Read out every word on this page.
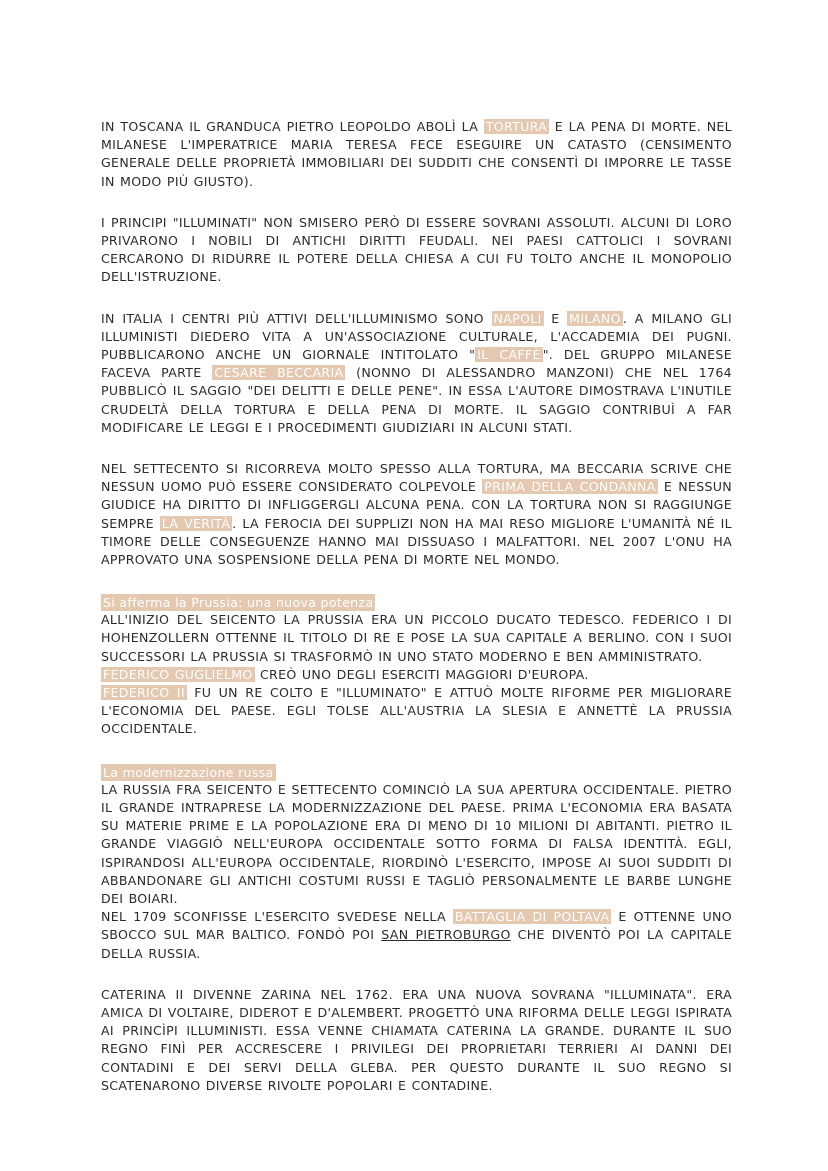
IN TOSCANA IL GRANDUCA PIETRO LEOPOLDO ABOLÌ LA TORTURA E LA PENA DI MORTE. NEL MILANESE L'IMPERATRICE MARIA TERESA FECE ESEGUIRE UN CATASTO (CENSIMENTO GENERALE DELLE PROPRIETÀ IMMOBILIARI DEI SUDDITI CHE CONSENTÌ DI IMPORRE LE TASSE IN MODO PIÙ GIUSTO).

I PRINCIPI "ILLUMINATI" NON SMISERO PERÒ DI ESSERE SOVRANI ASSOLUTI. ALCUNI DI LORO PRIVARONO I NOBILI DI ANTICHI DIRITTI FEUDALI. NEI PAESI CATTOLICI I SOVRANI CERCARONO DI RIDURRE IL POTERE DELLA CHIESA A CUI FU TOLTO ANCHE IL MONOPOLIO DELL'ISTRUZIONE.

IN ITALIA I CENTRI PIÙ ATTIVI DELL'ILLUMINISMO SONO NAPOLI E MILANO . A MILANO GLI ILLUMINISTI DIEDERO VITA A UN'ASSOCIAZIONE CULTURALE, L'ACCADEMIA DEI PUGNI. PUBBLICARONO ANCHE UN GIORNALE INTITOLATO " IL CAFFÈ ". DEL GRUPPO MILANESE FACEVA PARTE CESARE BECCARIA (NONNO DI ALESSANDRO MANZONI) CHE NEL 1764 PUBBLICÒ IL SAGGIO "DEI DELITTI E DELLE PENE". IN ESSA L'AUTORE DIMOSTRAVA L'INUTILE CRUDELTÀ DELLA TORTURA E DELLA PENA DI MORTE. IL SAGGIO CONTRIBUÌ A FAR MODIFICARE LE LEGGI E I PROCEDIMENTI GIUDIZIARI IN ALCUNI STATI.

NEL SETTECENTO SI RICORREVA MOLTO SPESSO ALLA TORTURA, MA BECCARIA SCRIVE CHE NESSUN UOMO PUÒ ESSERE CONSIDERATO COLPEVOLE PRIMA DELLA CONDANNA E NESSUN GIUDICE HA DIRITTO DI INFLIGGERGLI ALCUNA PENA. CON LA TORTURA NON SI RAGGIUNGE SEMPRE LA VERITÀ . LA FEROCIA DEI SUPPLIZI NON HA MAI RESO MIGLIORE L'UMANITÀ NÉ IL TIMORE DELLE CONSEGUENZE HANNO MAI DISSUASO I MALFATTORI. NEL 2007 L'ONU HA APPROVATO UNA SOSPENSIONE DELLA PENA DI MORTE NEL MONDO.

Si afferma la Prussia: una nuova potenza

ALL'INIZIO DEL SEICENTO LA PRUSSIA ERA UN PICCOLO DUCATO TEDESCO. FEDERICO I DI HOHENZOLLERN OTTENNE IL TITOLO DI RE E POSE LA SUA CAPITALE A BERLINO. CON I SUOI SUCCESSORI LA PRUSSIA SI TRASFORMÒ IN UNO STATO MODERNO E BEN AMMINISTRATO.
FEDERICO GUGLIELMO CREÒ UNO DEGLI ESERCITI MAGGIORI D'EUROPA.
FEDERICO II FU UN RE COLTO E "ILLUMINATO" E ATTUÒ MOLTE RIFORME PER MIGLIORARE L'ECONOMIA DEL PAESE. EGLI TOLSE ALL'AUSTRIA LA SLESIA E ANNETTÈ LA PRUSSIA OCCIDENTALE.

La modernizzazione russa

LA RUSSIA FRA SEICENTO E SETTECENTO COMINCIÒ LA SUA APERTURA OCCIDENTALE. PIETRO IL GRANDE INTRAPRESE LA MODERNIZZAZIONE DEL PAESE. PRIMA L'ECONOMIA ERA BASATA SU MATERIE PRIME E LA POPOLAZIONE ERA DI MENO DI 10 MILIONI DI ABITANTI. PIETRO IL GRANDE VIAGGIÒ NELL'EUROPA OCCIDENTALE SOTTO FORMA DI FALSA IDENTITÀ. EGLI, ISPIRANDOSI ALL'EUROPA OCCIDENTALE, RIORDINÒ L'ESERCITO, IMPOSE AI SUOI SUDDITI DI ABBANDONARE GLI ANTICHI COSTUMI RUSSI E TAGLIÒ PERSONALMENTE LE BARBE LUNGHE DEI BOIARI.
NEL 1709 SCONFISSE L'ESERCITO SVEDESE NELLA BATTAGLIA DI POLTAVA E OTTENNE UNO SBOCCO SUL MAR BALTICO. FONDÒ POI SAN PIETROBURGO CHE DIVENTÒ POI LA CAPITALE DELLA RUSSIA.

CATERINA II DIVENNE ZARINA NEL 1762. ERA UNA NUOVA SOVRANA "ILLUMINATA". ERA AMICA DI VOLTAIRE, DIDEROT E D'ALEMBERT. PROGETTÒ UNA RIFORMA DELLE LEGGI ISPIRATA AI PRINCÌPI ILLUMINISTI. ESSA VENNE CHIAMATA CATERINA LA GRANDE. DURANTE IL SUO REGNO FINÌ PER ACCRESCERE I PRIVILEGI DEI PROPRIETARI TERRIERI AI DANNI DEI CONTADINI E DEI SERVI DELLA GLEBA. PER QUESTO DURANTE IL SUO REGNO SI SCATENARONO DIVERSE RIVOLTE POPOLARI E CONTADINE.
